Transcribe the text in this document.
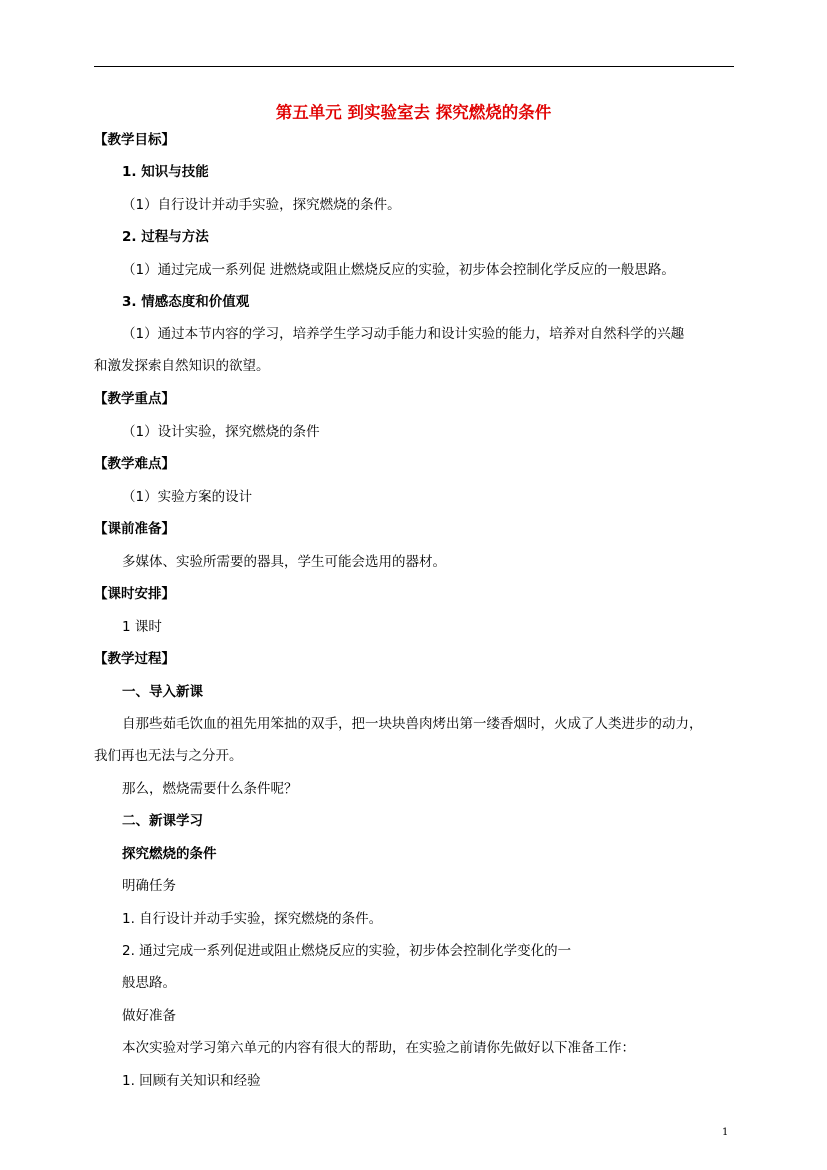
第五单元 到实验室去 探究燃烧的条件

【教学目标】

1. 知识与技能

（1）自行设计并动手实验，探究燃烧的条件。

2. 过程与方法

（1）通过完成一系列促 进燃烧或阻止燃烧反应的实验，初步体会控制化学反应的一般思路。

3. 情感态度和价值观

（1）通过本节内容的学习，培养学生学习动手能力和设计实验的能力，培养对自然科学的兴趣

和激发探索自然知识的欲望。

【教学重点】

（1）设计实验，探究燃烧的条件

【教学难点】

（1）实验方案的设计

【课前准备】

多媒体、实验所需要的器具，学生可能会选用的器材。

【课时安排】

1 课时

【教学过程】

一、导入新课

自那些茹毛饮血的祖先用笨拙的双手，把一块块兽肉烤出第一缕香烟时，火成了人类进步的动力，

我们再也无法与之分开。

那么，燃烧需要什么条件呢？

二、新课学习

探究燃烧的条件

明确任务

1. 自行设计并动手实验，探究燃烧的条件。

2. 通过完成一系列促进或阻止燃烧反应的实验，初步体会控制化学变化的一

般思路。

做好准备

本次实验对学习第六单元的内容有很大的帮助，在实验之前请你先做好以下准备工作：

1. 回顾有关知识和经验

1
